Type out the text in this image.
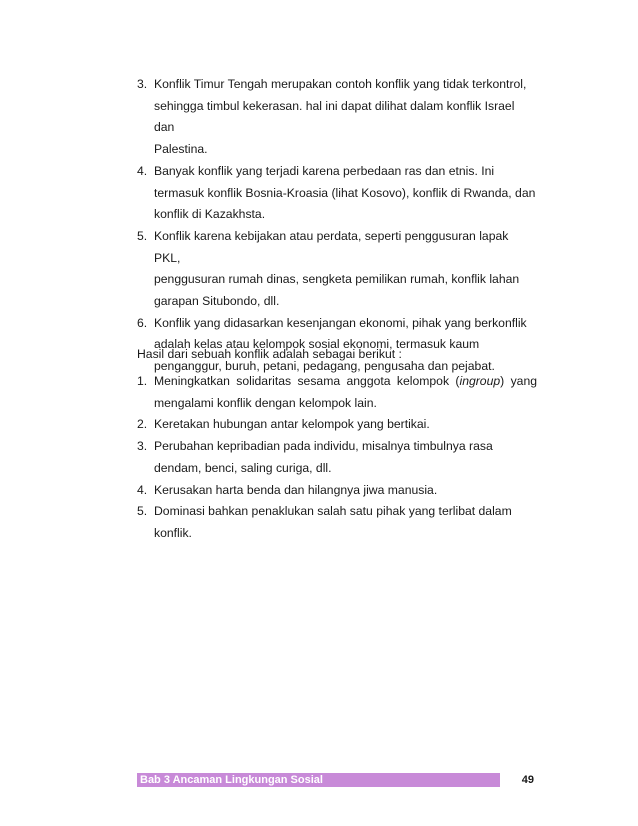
3. Konflik Timur Tengah merupakan contoh konflik yang tidak terkontrol,
sehingga timbul kekerasan. hal ini dapat dilihat dalam konflik Israel dan
Palestina.
4. Banyak konflik yang terjadi karena perbedaan ras dan etnis. Ini
termasuk konflik Bosnia-Kroasia (lihat Kosovo), konflik di Rwanda, dan
konflik di Kazakhsta.
5. Konflik karena kebijakan atau perdata, seperti penggusuran lapak PKL,
penggusuran rumah dinas, sengketa pemilikan rumah, konflik lahan
garapan Situbondo, dll.
6. Konflik yang didasarkan kesenjangan ekonomi, pihak yang berkonflik
adalah kelas atau kelompok sosial ekonomi, termasuk kaum
penganggur, buruh, petani, pedagang, pengusaha dan pejabat.

Hasil dari sebuah konflik adalah sebagai berikut :

1. Meningkatkan solidaritas sesama anggota kelompok (ingroup) yang
mengalami konflik dengan kelompok lain.
2. Keretakan hubungan antar kelompok yang bertikai.
3. Perubahan kepribadian pada individu, misalnya timbulnya rasa
dendam, benci, saling curiga, dll.
4. Kerusakan harta benda dan hilangnya jiwa manusia.
5. Dominasi bahkan penaklukan salah satu pihak yang terlibat dalam
konflik.
Bab 3 Ancaman Lingkungan Sosial	49
